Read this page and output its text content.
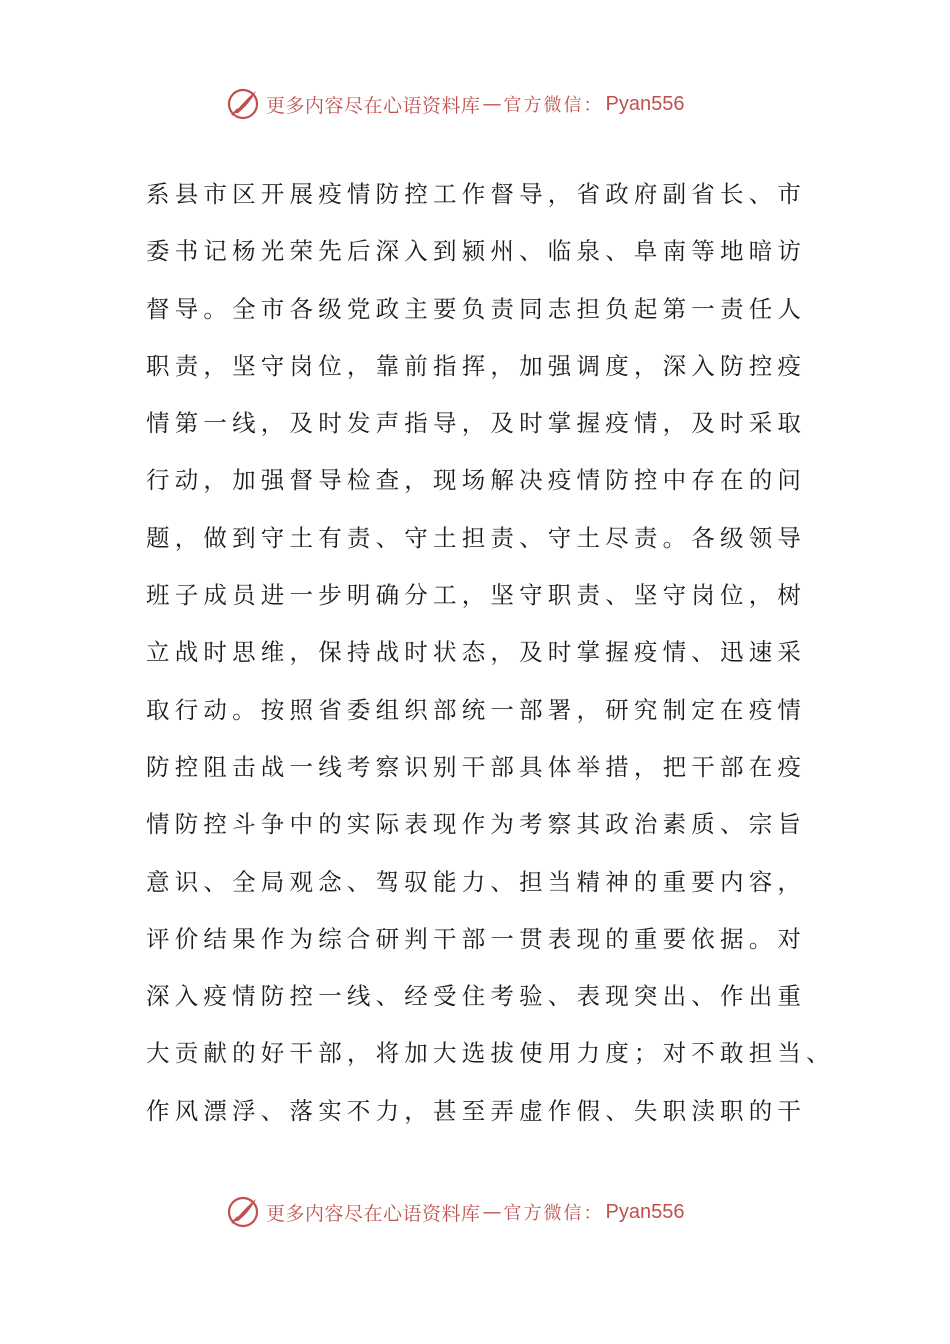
更多内容尽在心语资料库 — 官方微信： Pyan556
系县市区开展疫情防控工作督导，省政府副省长、市
委书记杨光荣先后深入到颍州、临泉、阜南等地暗访
督导。全市各级党政主要负责同志担负起第一责任人
职责，坚守岗位，靠前指挥，加强调度，深入防控疫
情第一线，及时发声指导，及时掌握疫情，及时采取
行动，加强督导检查，现场解决疫情防控中存在的问
题，做到守土有责、守土担责、守土尽责。各级领导
班子成员进一步明确分工，坚守职责、坚守岗位，树
立战时思维，保持战时状态，及时掌握疫情、迅速采
取行动。按照省委组织部统一部署，研究制定在疫情
防控阻击战一线考察识别干部具体举措，把干部在疫
情防控斗争中的实际表现作为考察其政治素质、宗旨
意识、全局观念、驾驭能力、担当精神的重要内容，
评价结果作为综合研判干部一贯表现的重要依据。对
深入疫情防控一线、经受住考验、表现突出、作出重
大贡献的好干部，将加大选拔使用力度；对不敢担当、
作风漂浮、落实不力，甚至弄虚作假、失职渎职的干
更多内容尽在心语资料库 — 官方微信： Pyan556
